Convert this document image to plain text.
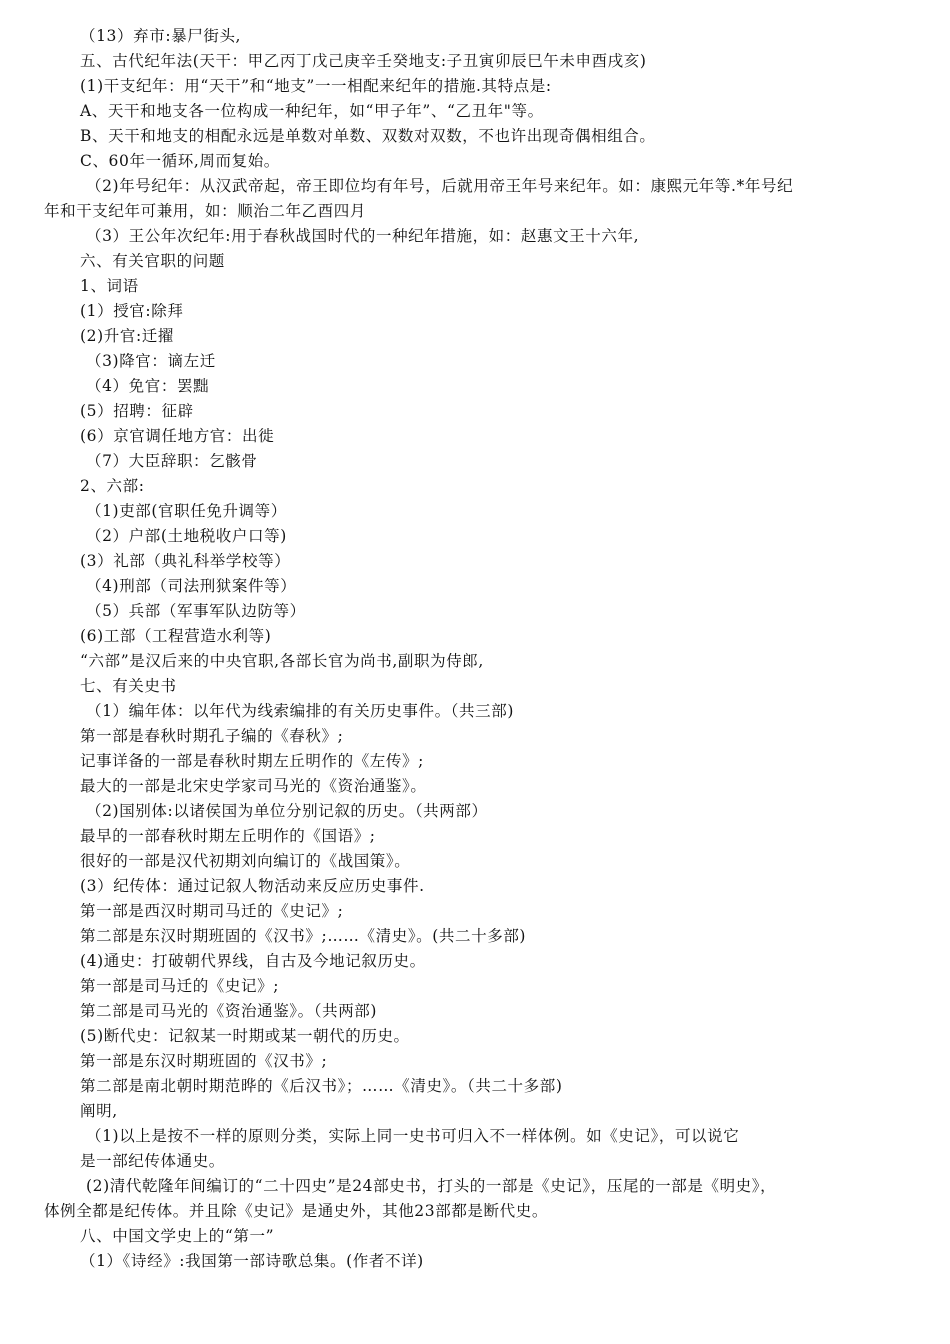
（13）弃市:暴尸街头,
五、古代纪年法(天干：甲乙丙丁戊己庚辛壬癸地支:子丑寅卯辰巳午未申酉戌亥)
(1)干支纪年：用“天干”和“地支”一一相配来纪年的措施.其特点是:
A、天干和地支各一位构成一种纪年，如“甲子年”、“乙丑年"等。
B、天干和地支的相配永远是单数对单数、双数对双数，不也许出现奇偶相组合。
C、60年一循环,周而复始。
（2)年号纪年：从汉武帝起，帝王即位均有年号，后就用帝王年号来纪年。如：康熙元年等.*年号纪
年和干支纪年可兼用，如：顺治二年乙酉四月
（3）王公年次纪年:用于春秋战国时代的一种纪年措施，如：赵惠文王十六年,
六、有关官职的问题
1、词语
(1）授官:除拜
(2)升官:迁擢
（3)降官：谪左迁
（4）免官：罢黜
(5）招聘：征辟
(6）京官调任地方官：出徙
（7）大臣辞职：乞骸骨
2、六部:
（1)吏部(官职任免升调等）
（2）户部(土地税收户口等)
(3）礼部（典礼科举学校等）
（4)刑部（司法刑狱案件等）
（5）兵部（军事军队边防等）
(6)工部（工程营造水利等)
“六部”是汉后来的中央官职,各部长官为尚书,副职为侍郎,
七、有关史书
（1）编年体：以年代为线索编排的有关历史事件。（共三部)
第一部是春秋时期孔子编的《春秋》;
记事详备的一部是春秋时期左丘明作的《左传》;
最大的一部是北宋史学家司马光的《资治通鉴》。
（2)国别体:以诸侯国为单位分别记叙的历史。（共两部）
最早的一部春秋时期左丘明作的《国语》;
很好的一部是汉代初期刘向编订的《战国策》。
(3）纪传体：通过记叙人物活动来反应历史事件.
第一部是西汉时期司马迁的《史记》;
第二部是东汉时期班固的《汉书》;……《清史》。(共二十多部)
(4)通史：打破朝代界线，自古及今地记叙历史。
第一部是司马迁的《史记》;
第二部是司马光的《资治通鉴》。（共两部)
(5)断代史：记叙某一时期或某一朝代的历史。
第一部是东汉时期班固的《汉书》;
第二部是南北朝时期范晔的《后汉书》；……《清史》。（共二十多部)
阐明,
（1)以上是按不一样的原则分类，实际上同一史书可归入不一样体例。如《史记》，可以说它
是一部纪传体通史。
(2)清代乾隆年间编订的“二十四史”是24部史书，打头的一部是《史记》，压尾的一部是《明史》，
体例全都是纪传体。并且除《史记》是通史外，其他23部都是断代史。
八、中国文学史上的“第一”
（1）《诗经》:我国第一部诗歌总集。(作者不详)
